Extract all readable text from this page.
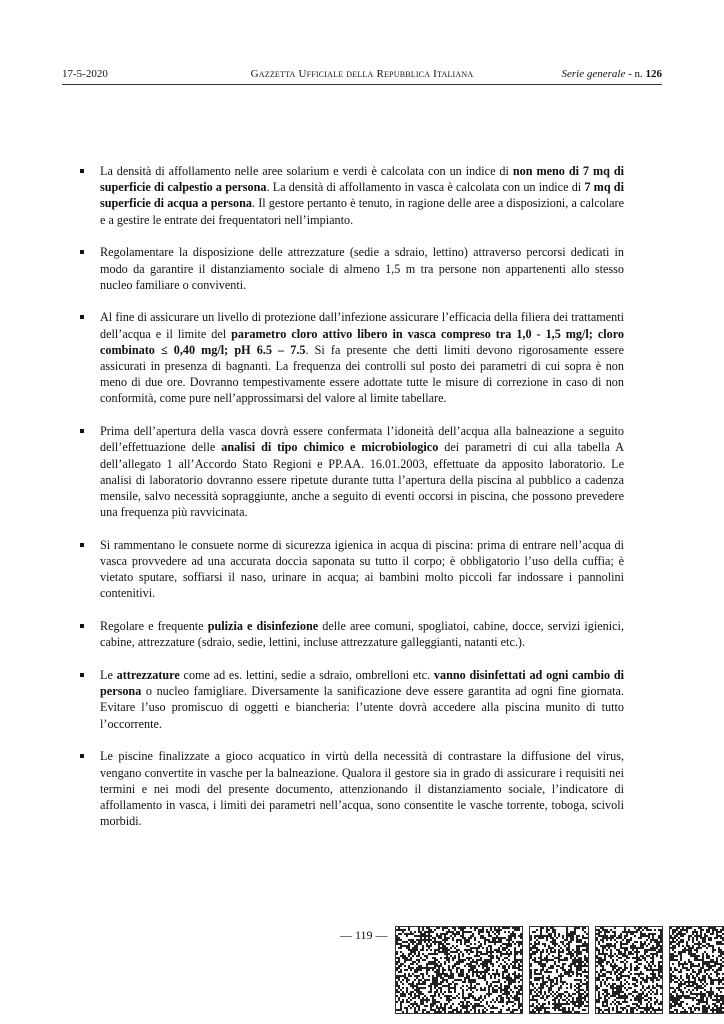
17-5-2020	Gazzetta Ufficiale della Repubblica Italiana	Serie generale - n. 126
La densità di affollamento nelle aree solarium e verdi è calcolata con un indice di non meno di 7 mq di superficie di calpestio a persona. La densità di affollamento in vasca è calcolata con un indice di 7 mq di superficie di acqua a persona. Il gestore pertanto è tenuto, in ragione delle aree a disposizioni, a calcolare e a gestire le entrate dei frequentatori nell’impianto.
Regolamentare la disposizione delle attrezzature (sedie a sdraio, lettino) attraverso percorsi dedicati in modo da garantire il distanziamento sociale di almeno 1,5 m tra persone non appartenenti allo stesso nucleo familiare o conviventi.
Al fine di assicurare un livello di protezione dall’infezione assicurare l’efficacia della filiera dei trattamenti dell’acqua e il limite del parametro cloro attivo libero in vasca compreso tra 1,0 - 1,5 mg/l; cloro combinato ≤ 0,40 mg/l; pH 6.5 – 7.5. Si fa presente che detti limiti devono rigorosamente essere assicurati in presenza di bagnanti. La frequenza dei controlli sul posto dei parametri di cui sopra è non meno di due ore. Dovranno tempestivamente essere adottate tutte le misure di correzione in caso di non conformità, come pure nell’approssimarsi del valore al limite tabellare.
Prima dell’apertura della vasca dovrà essere confermata l’idoneità dell’acqua alla balneazione a seguito dell’effettuazione delle analisi di tipo chimico e microbiologico dei parametri di cui alla tabella A dell’allegato 1 all’Accordo Stato Regioni e PP.AA. 16.01.2003, effettuate da apposito laboratorio. Le analisi di laboratorio dovranno essere ripetute durante tutta l’apertura della piscina al pubblico a cadenza mensile, salvo necessità sopraggiunte, anche a seguito di eventi occorsi in piscina, che possono prevedere una frequenza più ravvicinata.
Si rammentano le consuete norme di sicurezza igienica in acqua di piscina: prima di entrare nell’acqua di vasca provvedere ad una accurata doccia saponata su tutto il corpo; è obbligatorio l’uso della cuffia; è vietato sputare, soffiarsi il naso, urinare in acqua; ai bambini molto piccoli far indossare i pannolini contenitivi.
Regolare e frequente pulizia e disinfezione delle aree comuni, spogliatoi, cabine, docce, servizi igienici, cabine, attrezzature (sdraio, sedie, lettini, incluse attrezzature galleggianti, natanti etc.).
Le attrezzature come ad es. lettini, sedie a sdraio, ombrelloni etc. vanno disinfettati ad ogni cambio di persona o nucleo famigliare. Diversamente la sanificazione deve essere garantita ad ogni fine giornata. Evitare l’uso promiscuo di oggetti e biancheria: l’utente dovrà accedere alla piscina munito di tutto l’occorrente.
Le piscine finalizzate a gioco acquatico in virtù della necessità di contrastare la diffusione del virus, vengano convertite in vasche per la balneazione. Qualora il gestore sia in grado di assicurare i requisiti nei termini e nei modi del presente documento, attenzionando il distanziamento sociale, l’indicatore di affollamento in vasca, i limiti dei parametri nell’acqua, sono consentite le vasche torrente, toboga, scivoli morbidi.
— 119 —
